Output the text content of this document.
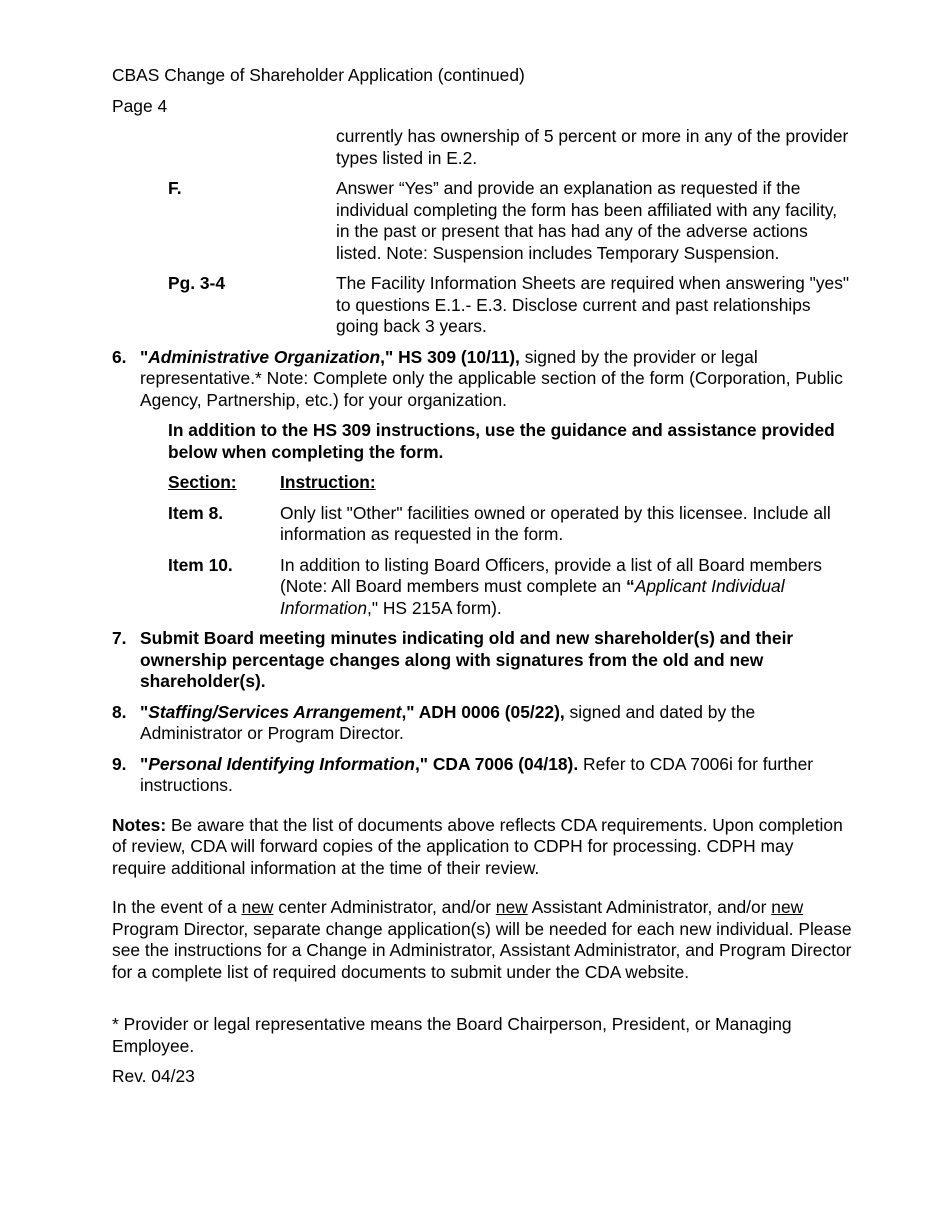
CBAS Change of Shareholder Application (continued)

Page 4

currently has ownership of 5 percent or more in any of the provider types listed in E.2.
F.	Answer “Yes” and provide an explanation as requested if the individual completing the form has been affiliated with any facility, in the past or present that has had any of the adverse actions listed. Note: Suspension includes Temporary Suspension.
Pg. 3-4	The Facility Information Sheets are required when answering "yes" to questions E.1.- E.3. Disclose current and past relationships going back 3 years.
6. "Administrative Organization," HS 309 (10/11), signed by the provider or legal representative.* Note: Complete only the applicable section of the form (Corporation, Public Agency, Partnership, etc.) for your organization.

In addition to the HS 309 instructions, use the guidance and assistance provided below when completing the form.

Section:	Instruction:
Item 8.	Only list "Other" facilities owned or operated by this licensee. Include all information as requested in the form.
Item 10.	In addition to listing Board Officers, provide a list of all Board members (Note: All Board members must complete an “Applicant Individual Information," HS 215A form).
7. Submit Board meeting minutes indicating old and new shareholder(s) and their ownership percentage changes along with signatures from the old and new shareholder(s).
8. "Staffing/Services Arrangement," ADH 0006 (05/22), signed and dated by the Administrator or Program Director.

9. "Personal Identifying Information," CDA 7006 (04/18). Refer to CDA 7006i for further instructions.

Notes: Be aware that the list of documents above reflects CDA requirements. Upon completion of review, CDA will forward copies of the application to CDPH for processing. CDPH may require additional information at the time of their review.

In the event of a new center Administrator, and/or new Assistant Administrator, and/or new Program Director, separate change application(s) will be needed for each new individual. Please see the instructions for a Change in Administrator, Assistant Administrator, and Program Director for a complete list of required documents to submit under the CDA website.

* Provider or legal representative means the Board Chairperson, President, or Managing Employee.

Rev. 04/23
